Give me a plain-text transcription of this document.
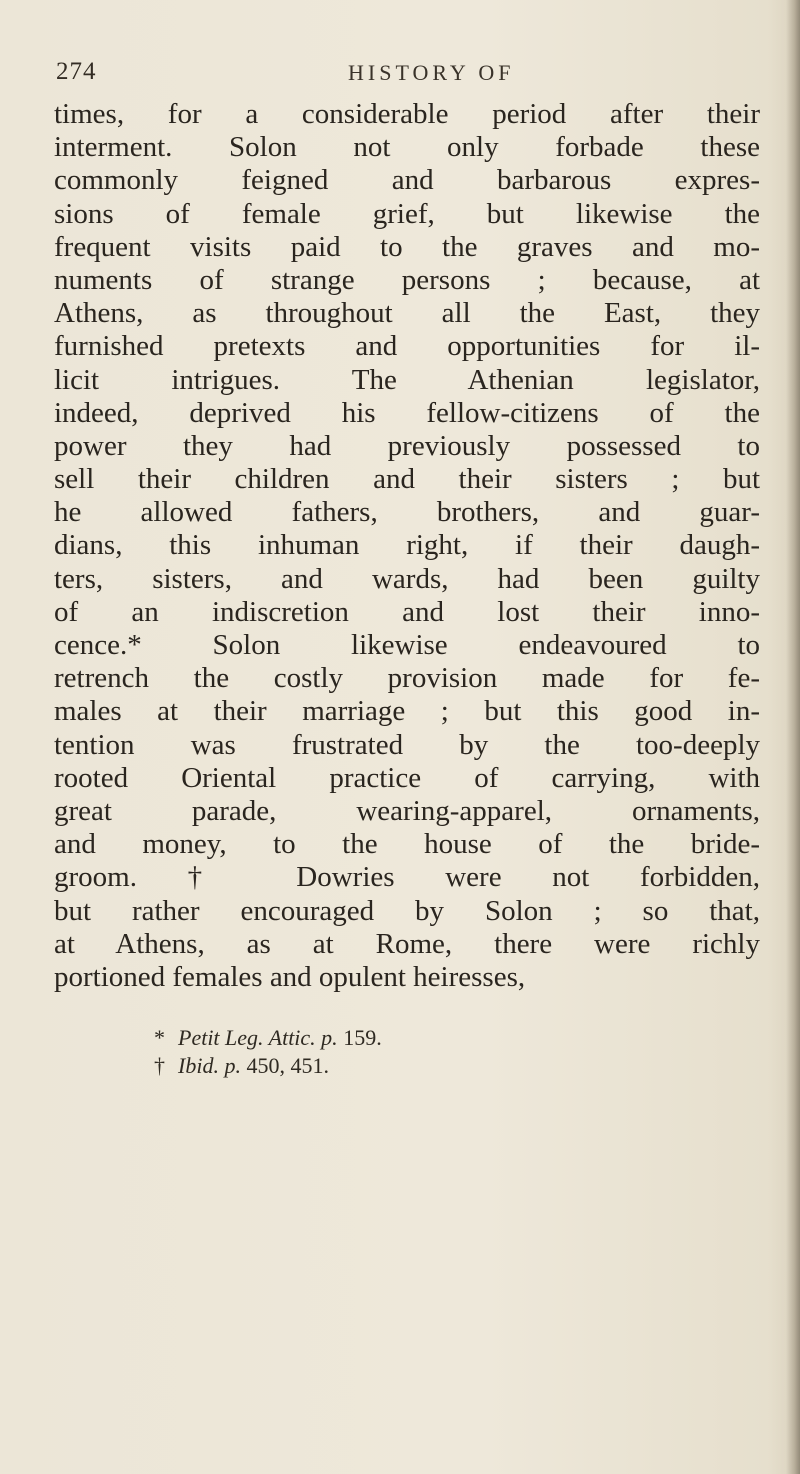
274	HISTORY OF
times, for a considerable period after their
interment. Solon not only forbade these
commonly feigned and barbarous expres-
sions of female grief, but likewise the
frequent visits paid to the graves and mo-
numents of strange persons ; because, at
Athens, as throughout all the East, they
furnished pretexts and opportunities for il-
licit intrigues. The Athenian legislator,
indeed, deprived his fellow-citizens of the
power they had previously possessed to
sell their children and their sisters ; but
he allowed fathers, brothers, and guar-
dians, this inhuman right, if their daugh-
ters, sisters, and wards, had been guilty
of an indiscretion and lost their inno-
cence.* Solon likewise endeavoured to
retrench the costly provision made for fe-
males at their marriage ; but this good in-
tention was frustrated by the too-deeply
rooted Oriental practice of carrying, with
great parade, wearing-apparel, ornaments,
and money, to the house of the bride-
groom. † Dowries were not forbidden,
but rather encouraged by Solon ; so that,
at Athens, as at Rome, there were richly
portioned females and opulent heiresses,
* Petit Leg. Attic. p. 159.
† Ibid. p. 450, 451.
